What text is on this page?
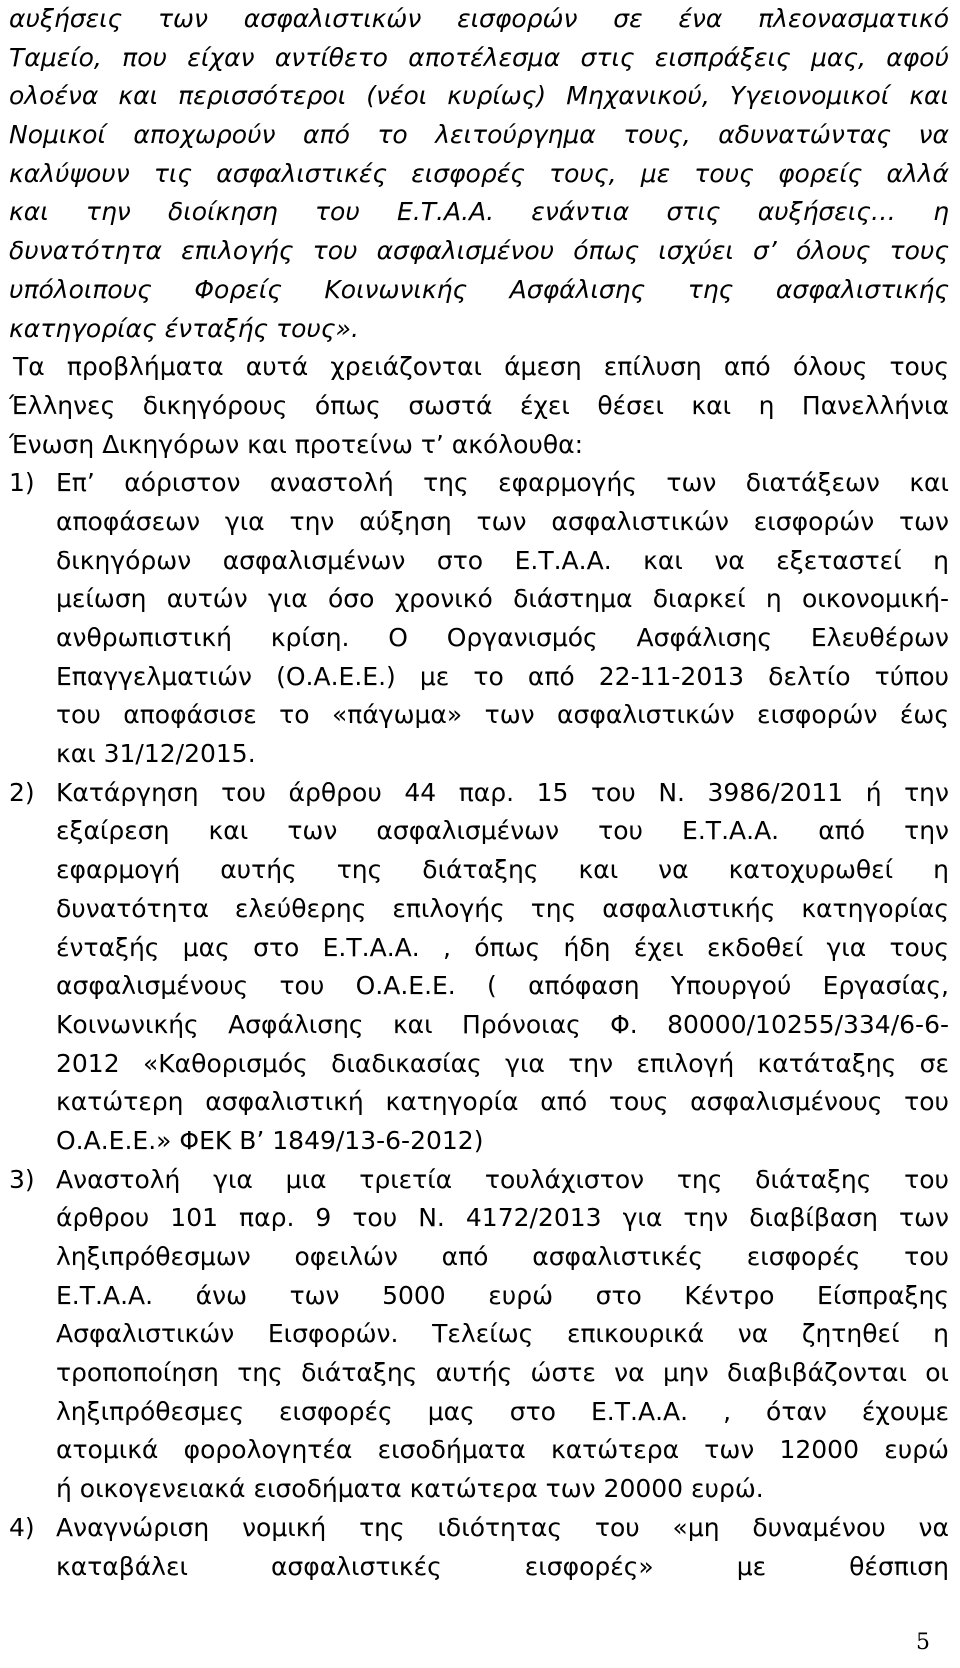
αυξήσεις των ασφαλιστικών εισφορών σε ένα πλεονασματικό
Ταμείο, που είχαν αντίθετο αποτέλεσμα στις εισπράξεις μας, αφού
ολοένα και περισσότεροι (νέοι κυρίως) Μηχανικού, Υγειονομικοί και
Νομικοί αποχωρούν από το λειτούργημα τους, αδυνατώντας να
καλύψουν τις ασφαλιστικές εισφορές τους, με τους φορείς αλλά
και την διοίκηση του Ε.Τ.Α.Α. ενάντια στις αυξήσεις… η
δυνατότητα επιλογής του ασφαλισμένου όπως ισχύει σ’ όλους τους
υπόλοιπους Φορείς Κοινωνικής Ασφάλισης της ασφαλιστικής
κατηγορίας ένταξής τους».
Τα προβλήματα αυτά χρειάζονται άμεση επίλυση από όλους τους
Έλληνες δικηγόρους όπως σωστά έχει θέσει και η Πανελλήνια
Ένωση Δικηγόρων και προτείνω τ’ ακόλουθα:
1) Επ’ αόριστον αναστολή της εφαρμογής των διατάξεων και
αποφάσεων για την αύξηση των ασφαλιστικών εισφορών των
δικηγόρων ασφαλισμένων στο Ε.Τ.Α.Α. και να εξεταστεί η
μείωση αυτών για όσο χρονικό διάστημα διαρκεί η οικονομική-
ανθρωπιστική κρίση. Ο Οργανισμός Ασφάλισης Ελευθέρων
Επαγγελματιών (Ο.Α.Ε.Ε.) με το από 22-11-2013 δελτίο τύπου
του αποφάσισε το «πάγωμα» των ασφαλιστικών εισφορών έως
και 31/12/2015.
2) Κατάργηση του άρθρου 44 παρ. 15 του Ν. 3986/2011 ή την
εξαίρεση και των ασφαλισμένων του Ε.Τ.Α.Α. από την
εφαρμογή αυτής της διάταξης και να κατοχυρωθεί η
δυνατότητα ελεύθερης επιλογής της ασφαλιστικής κατηγορίας
ένταξής μας στο Ε.Τ.Α.Α. , όπως ήδη έχει εκδοθεί για τους
ασφαλισμένους του Ο.Α.Ε.Ε. ( απόφαση Υπουργού Εργασίας,
Κοινωνικής Ασφάλισης και Πρόνοιας Φ. 80000/10255/334/6-6-
2012 «Καθορισμός διαδικασίας για την επιλογή κατάταξης σε
κατώτερη ασφαλιστική κατηγορία από τους ασφαλισμένους του
Ο.Α.Ε.Ε.» ΦΕΚ Β’ 1849/13-6-2012)
3) Αναστολή για μια τριετία τουλάχιστον της διάταξης του
άρθρου 101 παρ. 9 του Ν. 4172/2013 για την διαβίβαση των
ληξιπρόθεσμων οφειλών από ασφαλιστικές εισφορές του
Ε.Τ.Α.Α. άνω των 5000 ευρώ στο Κέντρο Είσπραξης
Ασφαλιστικών Εισφορών. Τελείως επικουρικά να ζητηθεί η
τροποποίηση της διάταξης αυτής ώστε να μην διαβιβάζονται οι
ληξιπρόθεσμες εισφορές μας στο Ε.Τ.Α.Α. , όταν έχουμε
ατομικά φορολογητέα εισοδήματα κατώτερα των 12000 ευρώ
ή οικογενειακά εισοδήματα κατώτερα των 20000 ευρώ.
4) Αναγνώριση νομική της ιδιότητας του «μη δυναμένου να
καταβάλει ασφαλιστικές εισφορές» με θέσπιση
5
